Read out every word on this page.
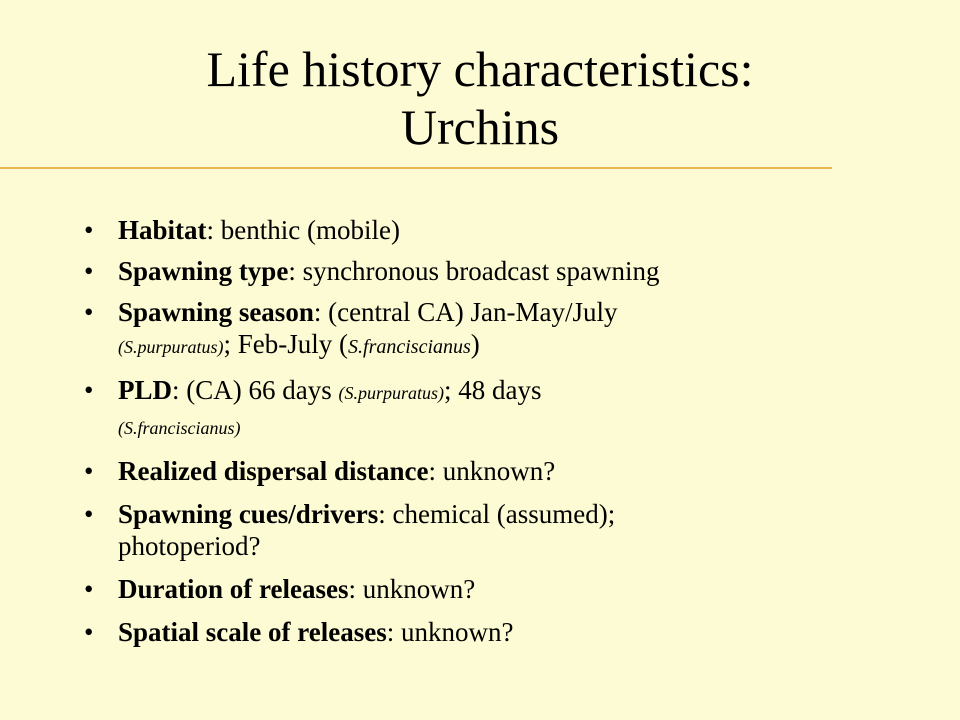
Life history characteristics:
Urchins
• Habitat: benthic (mobile)
• Spawning type: synchronous broadcast spawning
• Spawning season: (central CA) Jan-May/July
(S.purpuratus); Feb-July (S.franciscianus)
• PLD: (CA) 66 days (S.purpuratus); 48 days
(S.franciscianus)
• Realized dispersal distance: unknown?
• Spawning cues/drivers: chemical (assumed);
photoperiod?
• Duration of releases: unknown?
• Spatial scale of releases: unknown?
